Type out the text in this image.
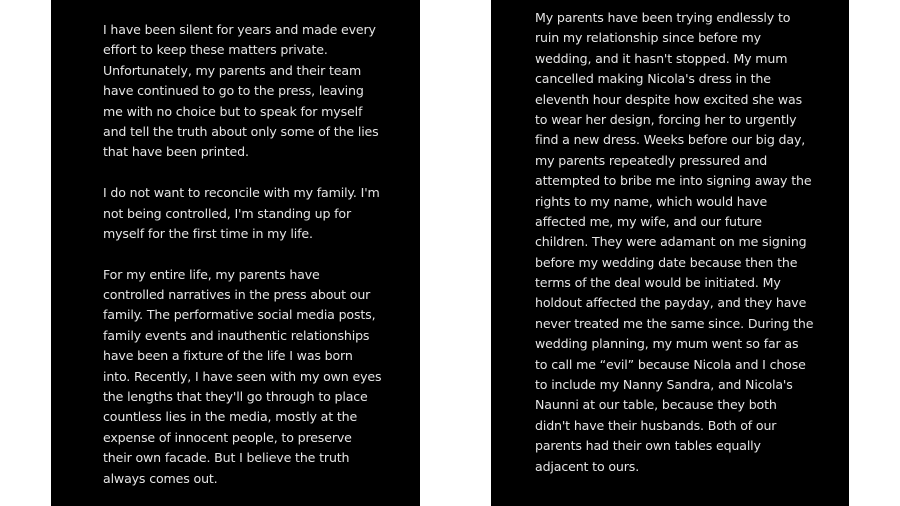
I have been silent for years and made every
effort to keep these matters private.
Unfortunately, my parents and their team
have continued to go to the press, leaving
me with no choice but to speak for myself
and tell the truth about only some of the lies
that have been printed.
I do not want to reconcile with my family. I'm
not being controlled, I'm standing up for
myself for the first time in my life.
For my entire life, my parents have
controlled narratives in the press about our
family. The performative social media posts,
family events and inauthentic relationships
have been a fixture of the life I was born
into. Recently, I have seen with my own eyes
the lengths that they'll go through to place
countless lies in the media, mostly at the
expense of innocent people, to preserve
their own facade. But I believe the truth
always comes out.
My parents have been trying endlessly to
ruin my relationship since before my
wedding, and it hasn't stopped. My mum
cancelled making Nicola's dress in the
eleventh hour despite how excited she was
to wear her design, forcing her to urgently
find a new dress. Weeks before our big day,
my parents repeatedly pressured and
attempted to bribe me into signing away the
rights to my name, which would have
affected me, my wife, and our future
children. They were adamant on me signing
before my wedding date because then the
terms of the deal would be initiated. My
holdout affected the payday, and they have
never treated me the same since. During the
wedding planning, my mum went so far as
to call me “evil” because Nicola and I chose
to include my Nanny Sandra, and Nicola's
Naunni at our table, because they both
didn't have their husbands. Both of our
parents had their own tables equally
adjacent to ours.
